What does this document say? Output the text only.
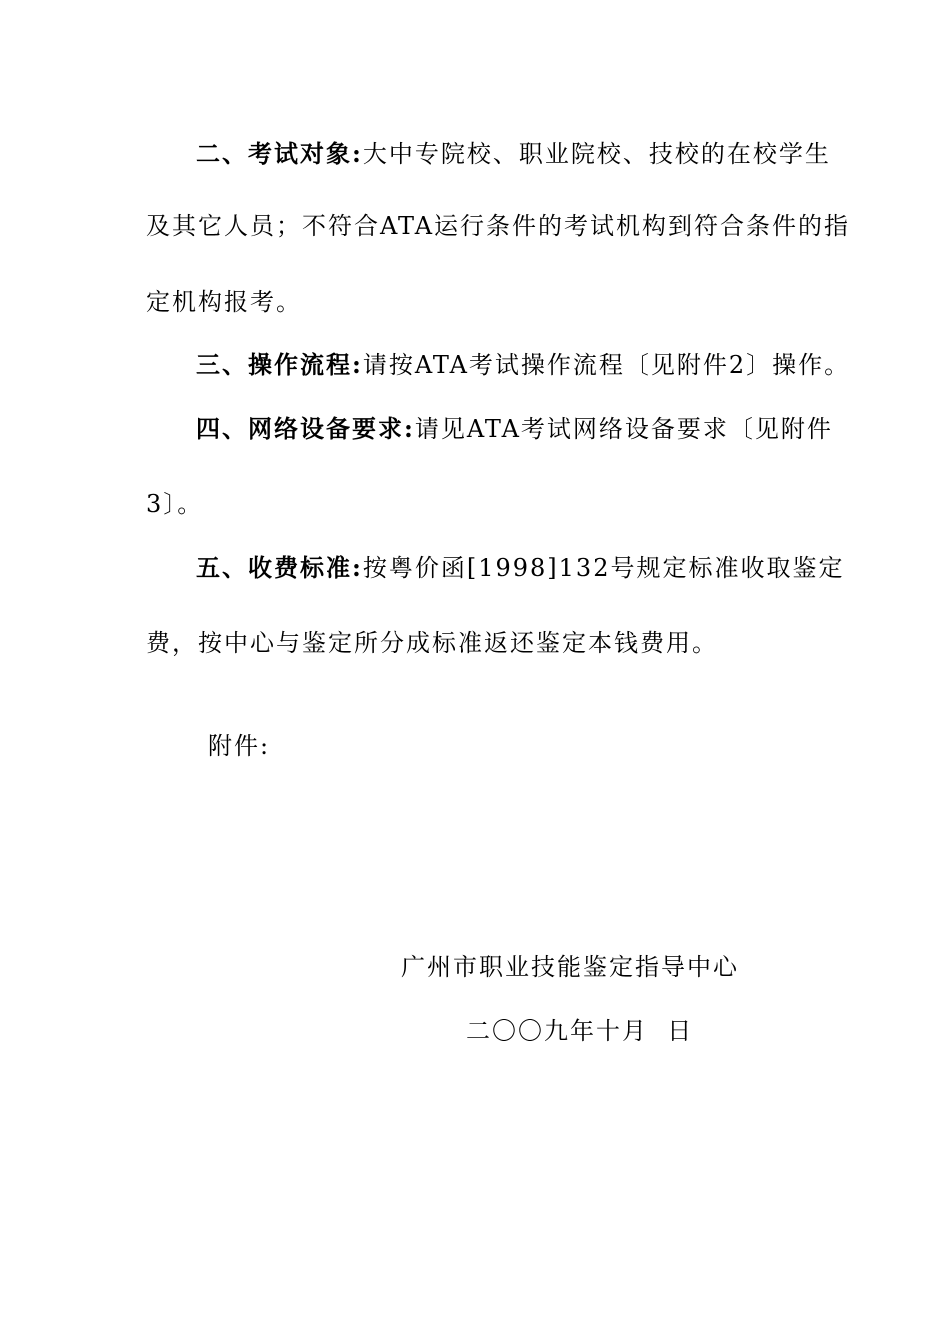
二、考试对象:大中专院校、职业院校、技校的在校学生
及其它人员；不符合ATA运行条件的考试机构到符合条件的指
定机构报考。
三、操作流程:请按ATA考试操作流程〔见附件2〕操作。
四、网络设备要求:请见ATA考试网络设备要求〔见附件
3〕。
五、收费标准:按粤价函[1998]132号规定标准收取鉴定
费，按中心与鉴定所分成标准返还鉴定本钱费用。
附件:
广州市职业技能鉴定指导中心
二〇〇九年十月  日
